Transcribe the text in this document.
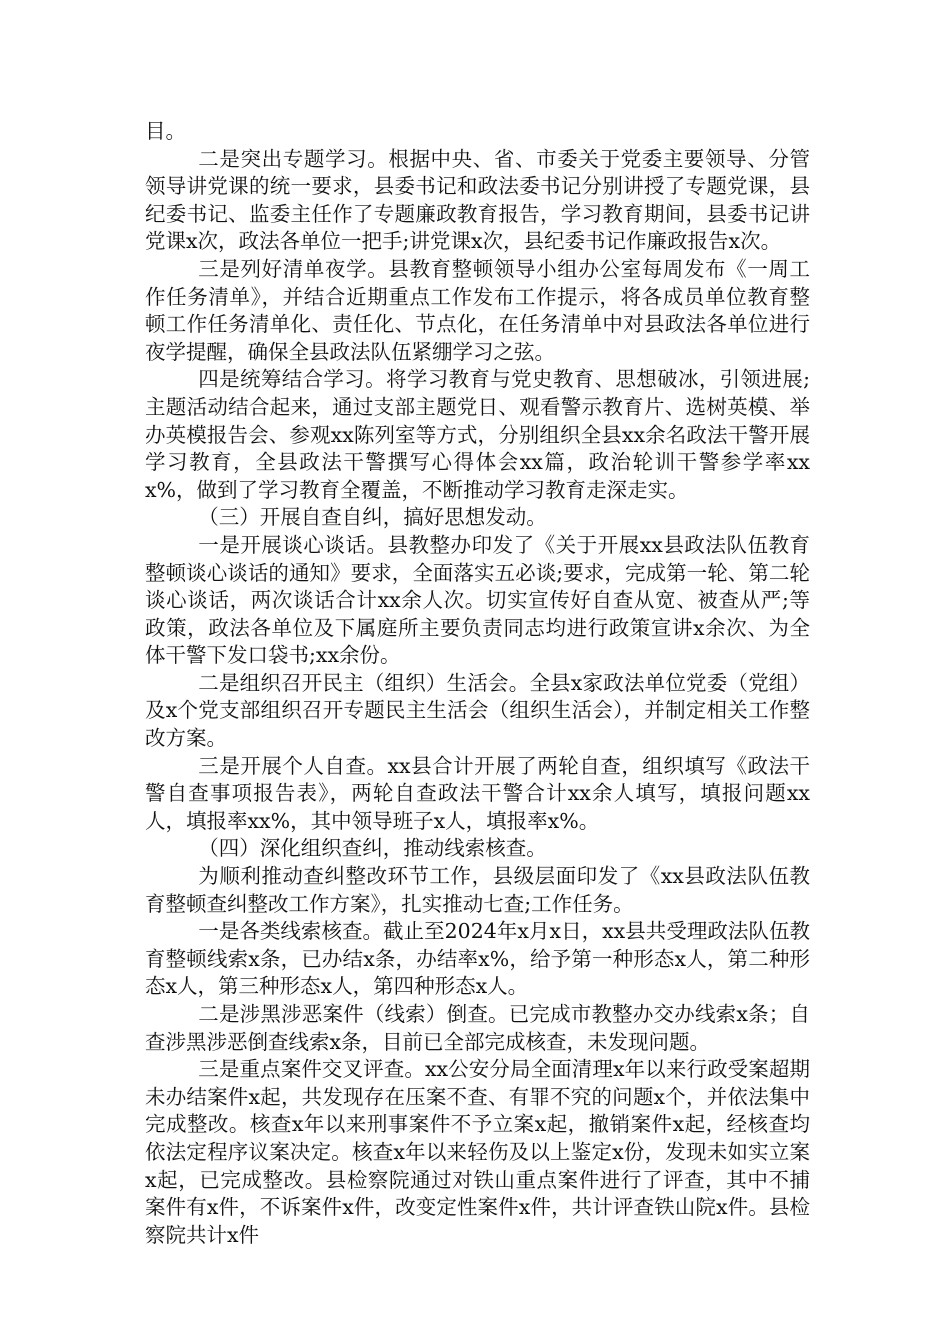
目。

二是突出专题学习。根据中央、省、市委关于党委主要领导、分管领导讲党课的统一要求，县委书记和政法委书记分别讲授了专题党课，县纪委书记、监委主任作了专题廉政教育报告，学习教育期间，县委书记讲党课x次，政法各单位一把手;讲党课x次，县纪委书记作廉政报告x次。

三是列好清单夜学。县教育整顿领导小组办公室每周发布《一周工作任务清单》，并结合近期重点工作发布工作提示，将各成员单位教育整顿工作任务清单化、责任化、节点化，在任务清单中对县政法各单位进行夜学提醒，确保全县政法队伍紧绷学习之弦。

四是统筹结合学习。将学习教育与党史教育、思想破冰，引领进展;主题活动结合起来，通过支部主题党日、观看警示教育片、选树英模、举办英模报告会、参观xx陈列室等方式，分别组织全县xx余名政法干警开展学习教育，全县政法干警撰写心得体会xx篇，政治轮训干警参学率xxx%，做到了学习教育全覆盖，不断推动学习教育走深走实。

（三）开展自查自纠，搞好思想发动。

一是开展谈心谈话。县教整办印发了《关于开展xx县政法队伍教育整顿谈心谈话的通知》要求，全面落实五必谈;要求，完成第一轮、第二轮谈心谈话，两次谈话合计xx余人次。切实宣传好自查从宽、被查从严;等政策，政法各单位及下属庭所主要负责同志均进行政策宣讲x余次、为全体干警下发口袋书;xx余份。

二是组织召开民主（组织）生活会。全县x家政法单位党委（党组）及x个党支部组织召开专题民主生活会（组织生活会），并制定相关工作整改方案。

三是开展个人自查。xx县合计开展了两轮自查，组织填写《政法干警自查事项报告表》，两轮自查政法干警合计xx余人填写，填报问题xx人，填报率xx%，其中领导班子x人，填报率x%。

（四）深化组织查纠，推动线索核查。

为顺利推动查纠整改环节工作，县级层面印发了《xx县政法队伍教育整顿查纠整改工作方案》，扎实推动七查;工作任务。

一是各类线索核查。截止至2024年x月x日，xx县共受理政法队伍教育整顿线索x条，已办结x条，办结率x%，给予第一种形态x人，第二种形态x人，第三种形态x人，第四种形态x人。

二是涉黑涉恶案件（线索）倒查。已完成市教整办交办线索x条；自查涉黑涉恶倒查线索x条，目前已全部完成核查，未发现问题。

三是重点案件交叉评查。xx公安分局全面清理x年以来行政受案超期未办结案件x起，共发现存在压案不查、有罪不究的问题x个，并依法集中完成整改。核查x年以来刑事案件不予立案x起，撤销案件x起，经核查均依法定程序议案决定。核查x年以来轻伤及以上鉴定x份，发现未如实立案x起，已完成整改。县检察院通过对铁山重点案件进行了评查，其中不捕案件有x件，不诉案件x件，改变定性案件x件，共计评查铁山院x件。县检察院共计x件
